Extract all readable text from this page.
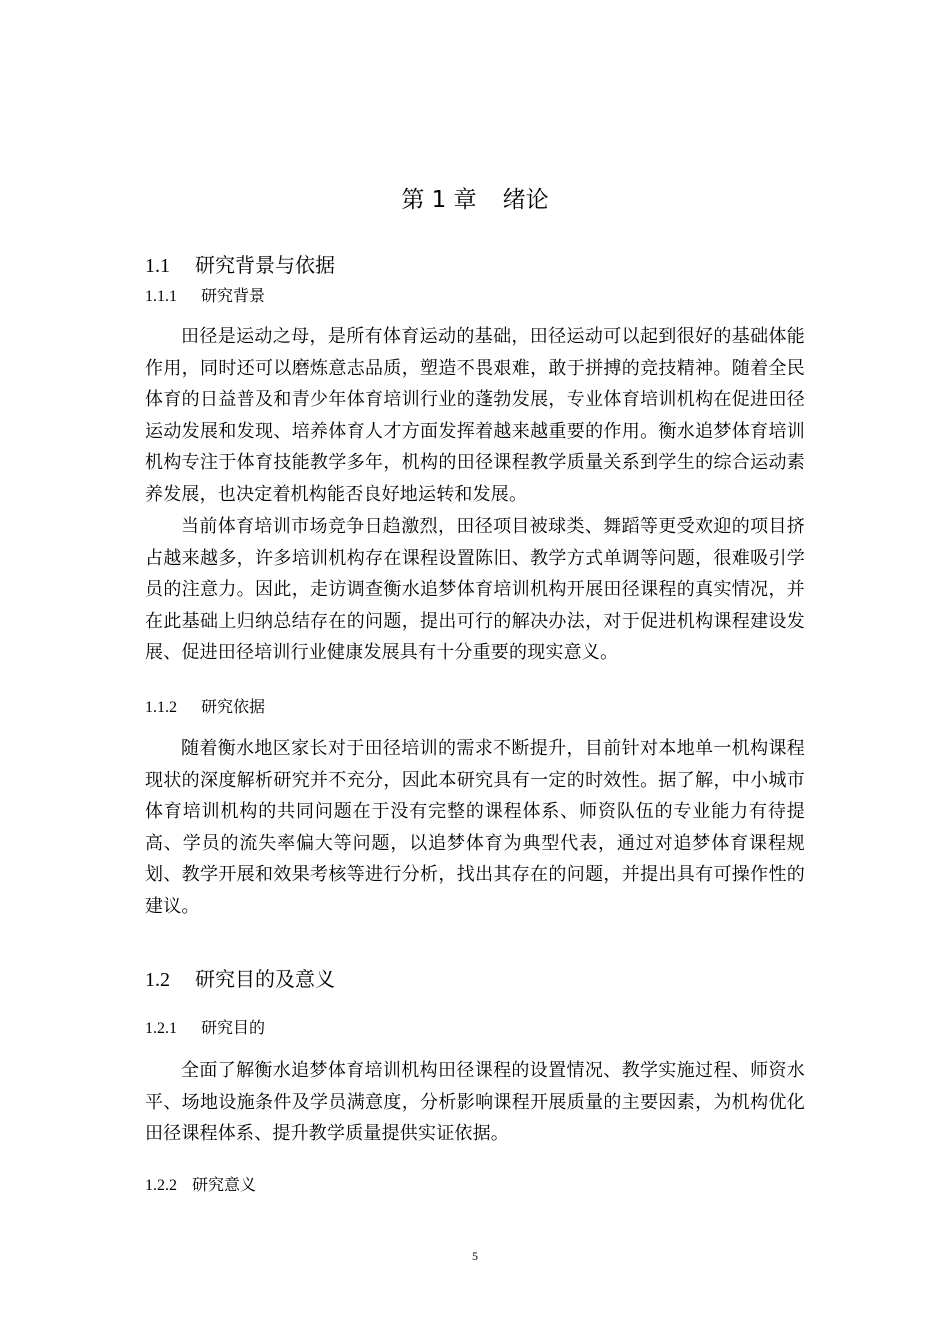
第 1 章 绪论
1.1 研究背景与依据
1.1.1 研究背景
田径是运动之母，是所有体育运动的基础，田径运动可以起到很好的基础体能作用，同时还可以磨炼意志品质，塑造不畏艰难，敢于拼搏的竞技精神。随着全民体育的日益普及和青少年体育培训行业的蓬勃发展，专业体育培训机构在促进田径运动发展和发现、培养体育人才方面发挥着越来越重要的作用。衡水追梦体育培训机构专注于体育技能教学多年，机构的田径课程教学质量关系到学生的综合运动素养发展，也决定着机构能否良好地运转和发展。
当前体育培训市场竞争日趋激烈，田径项目被球类、舞蹈等更受欢迎的项目挤占越来越多，许多培训机构存在课程设置陈旧、教学方式单调等问题，很难吸引学员的注意力。因此，走访调查衡水追梦体育培训机构开展田径课程的真实情况，并在此基础上归纳总结存在的问题，提出可行的解决办法，对于促进机构课程建设发展、促进田径培训行业健康发展具有十分重要的现实意义。
1.1.2 研究依据
随着衡水地区家长对于田径培训的需求不断提升，目前针对本地单一机构课程现状的深度解析研究并不充分，因此本研究具有一定的时效性。据了解，中小城市体育培训机构的共同问题在于没有完整的课程体系、师资队伍的专业能力有待提高、学员的流失率偏大等问题，以追梦体育为典型代表，通过对追梦体育课程规划、教学开展和效果考核等进行分析，找出其存在的问题，并提出具有可操作性的建议。
1.2 研究目的及意义
1.2.1 研究目的
全面了解衡水追梦体育培训机构田径课程的设置情况、教学实施过程、师资水平、场地设施条件及学员满意度，分析影响课程开展质量的主要因素，为机构优化田径课程体系、提升教学质量提供实证依据。
1.2.2 研究意义
5
